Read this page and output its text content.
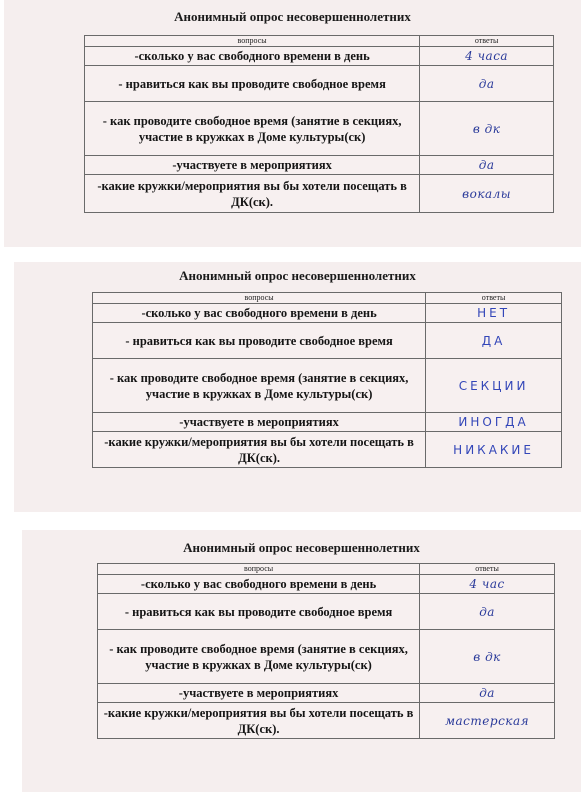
Анонимный опрос несовершеннолетних
вопросы	ответы
-сколько у вас свободного времени в день	4 часа
- нравиться как вы проводите свободное время	да
- как проводите свободное время (занятие в секциях, участие в кружках в Доме культуры(ск)	в дк
-участвуете в мероприятиях	да
-какие кружки/мероприятия вы бы хотели посещать в ДК(ск).	вокалы
Анонимный опрос несовершеннолетних
вопросы	ответы
-сколько у вас свободного времени в день	НЕТ
- нравиться как вы проводите свободное время	ДА
- как проводите свободное время (занятие в секциях, участие в кружках в Доме культуры(ск)	СЕКЦИИ
-участвуете в мероприятиях	ИНОГДА
-какие кружки/мероприятия вы бы хотели посещать в ДК(ск).	НИКАКИЕ
Анонимный опрос несовершеннолетних
вопросы	ответы
-сколько у вас свободного времени в день	4 час
- нравиться как вы проводите свободное время	да
- как проводите свободное время (занятие в секциях, участие в кружках в Доме культуры(ск)	в дк
-участвуете в мероприятиях	да
-какие кружки/мероприятия вы бы хотели посещать в ДК(ск).	мастерская
